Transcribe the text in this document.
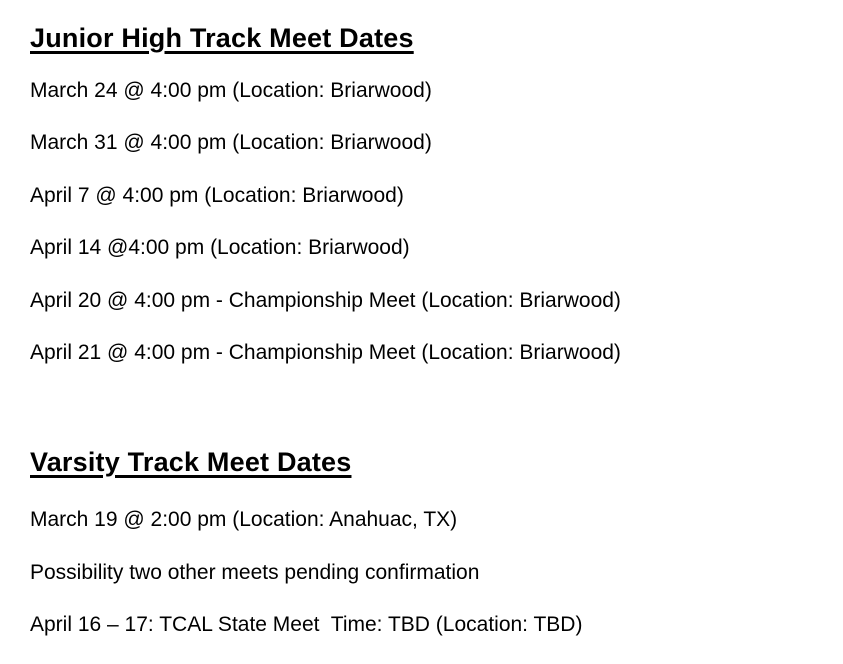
Junior High Track Meet Dates

March 24 @ 4:00 pm (Location: Briarwood)

March 31 @ 4:00 pm (Location: Briarwood)

April 7 @ 4:00 pm (Location: Briarwood)

April 14 @4:00 pm (Location: Briarwood)

April 20 @ 4:00 pm - Championship Meet (Location: Briarwood)

April 21 @ 4:00 pm - Championship Meet (Location: Briarwood)

Varsity Track Meet Dates

March 19 @ 2:00 pm (Location: Anahuac, TX)

Possibility two other meets pending confirmation

April 16 – 17: TCAL State Meet  Time: TBD (Location: TBD)
